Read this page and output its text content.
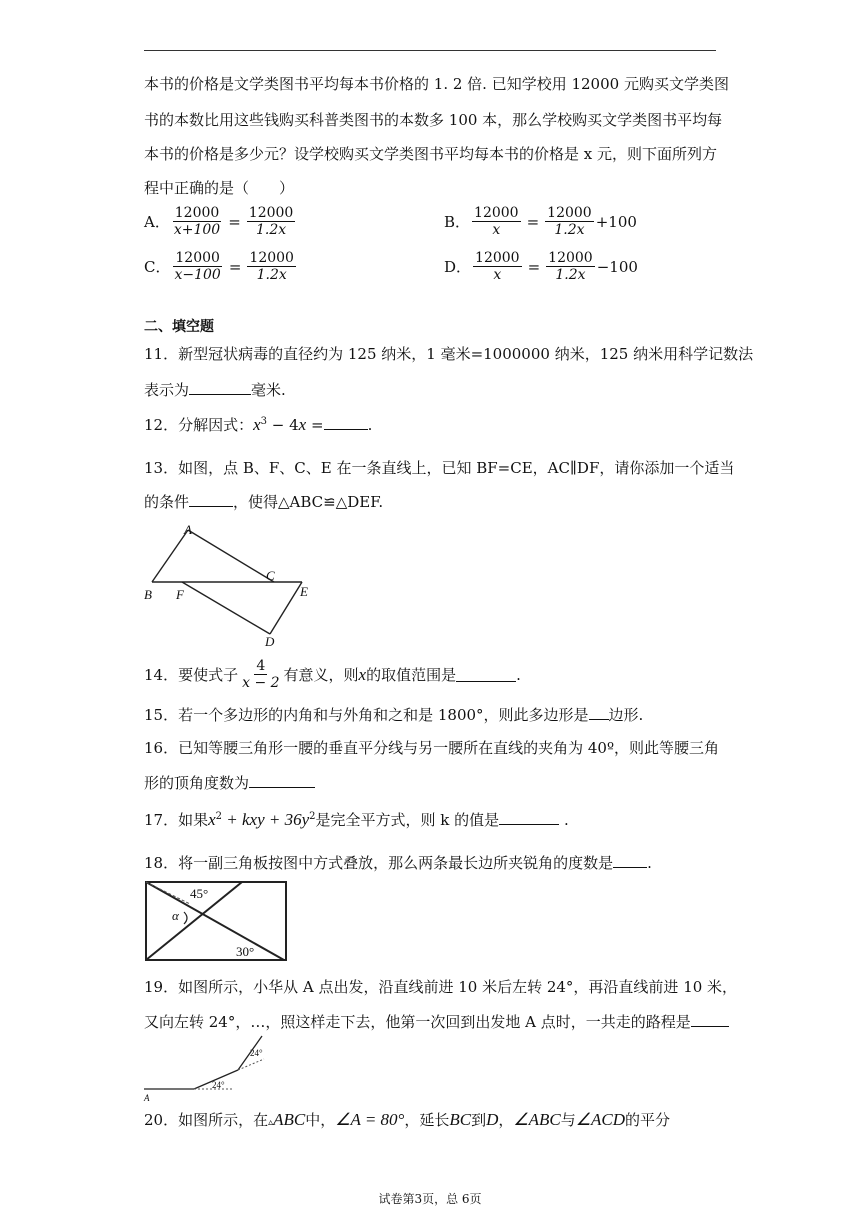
本书的价格是文学类图书平均每本书价格的 1. 2 倍. 已知学校用 12000 元购买文学类图
书的本数比用这些钱购买科普类图书的本数多 100 本，那么学校购买文学类图书平均每
本书的价格是多少元？设学校购买文学类图书平均每本书的价格是 x 元，则下面所列方
程中正确的是（　　）
A． $\frac{12000}{x+100} = \frac{12000}{1.2x}$	B． $\frac{12000}{x} = \frac{12000}{1.2x} +100$
C． $\frac{12000}{x-100} = \frac{12000}{1.2x}$	D． $\frac{12000}{x} = \frac{12000}{1.2x} -100$
二、填空题
11．新型冠状病毒的直径约为 125 纳米，1 毫米=1000000 纳米，125 纳米用科学记数法
表示为	毫米.
12．分解因式：$x^3 - 4x$ =	.
13．如图，点 B、F、C、E 在一条直线上，已知 BF=CE，AC∥DF，请你添加一个适当
的条件	，使得△ABC≌△DEF.
A
B F
C
E
D
14．要使式子 $\frac{4}{x - 2}$ 有意义，则 x 的取值范围是	.
15．若一个多边形的内角和与外角和之和是 1800°，则此多边形是 边形.
16．已知等腰三角形一腰的垂直平分线与另一腰所在直线的夹角为 40º，则此等腰三角
形的顶角度数为
17．如果$x^2$ + kxy + $36y^2$是完全平方式，则 k 的值是	.
18．将一副三角板按图中方式叠放，那么两条最长边所夹锐角的度数是 .
45°
α
30°
19．如图所示，小华从 A 点出发，沿直线前进 10 米后左转 24°，再沿直线前进 10 米，
又向左转 24°，…，照这样走下去，他第一次回到出发地 A 点时，一共走的路程是
24°
24°
A
20．如图所示，在▵ABC中，∠A = 80°，延长BC到D，∠ABC与∠ACD的平分
试卷第3页，总 6页
